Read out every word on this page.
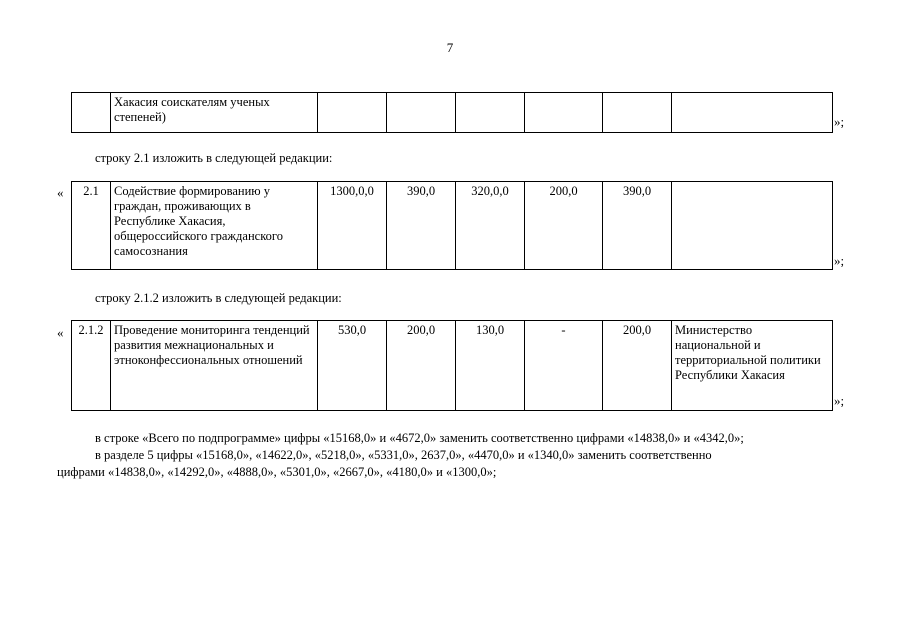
7
	Хакасия соискателям ученых степеней)							»;
строку 2.1 изложить в следующей редакции:
« 2.1	Содействие формированию у граждан, проживающих в Республике Хакасия, общероссийского гражданского самосознания	1300,0,0	390,0	320,0,0	200,0	390,0	
»;
строку 2.1.2 изложить в следующей редакции:
« 2.1.2	Проведение мониторинга тенденций развития межнациональных и этноконфессиональных отношений	530,0	200,0	130,0	-	200,0	Министерство национальной и территориальной политики Республики Хакасия
»;
в строке «Всего по подпрограмме» цифры «15168,0» и «4672,0» заменить соответственно цифрами «14838,0» и «4342,0»;
в разделе 5 цифры «15168,0», «14622,0», «5218,0», «5331,0», 2637,0», «4470,0» и «1340,0» заменить соответственно
цифрами «14838,0», «14292,0», «4888,0», «5301,0», «2667,0», «4180,0» и «1300,0»;
